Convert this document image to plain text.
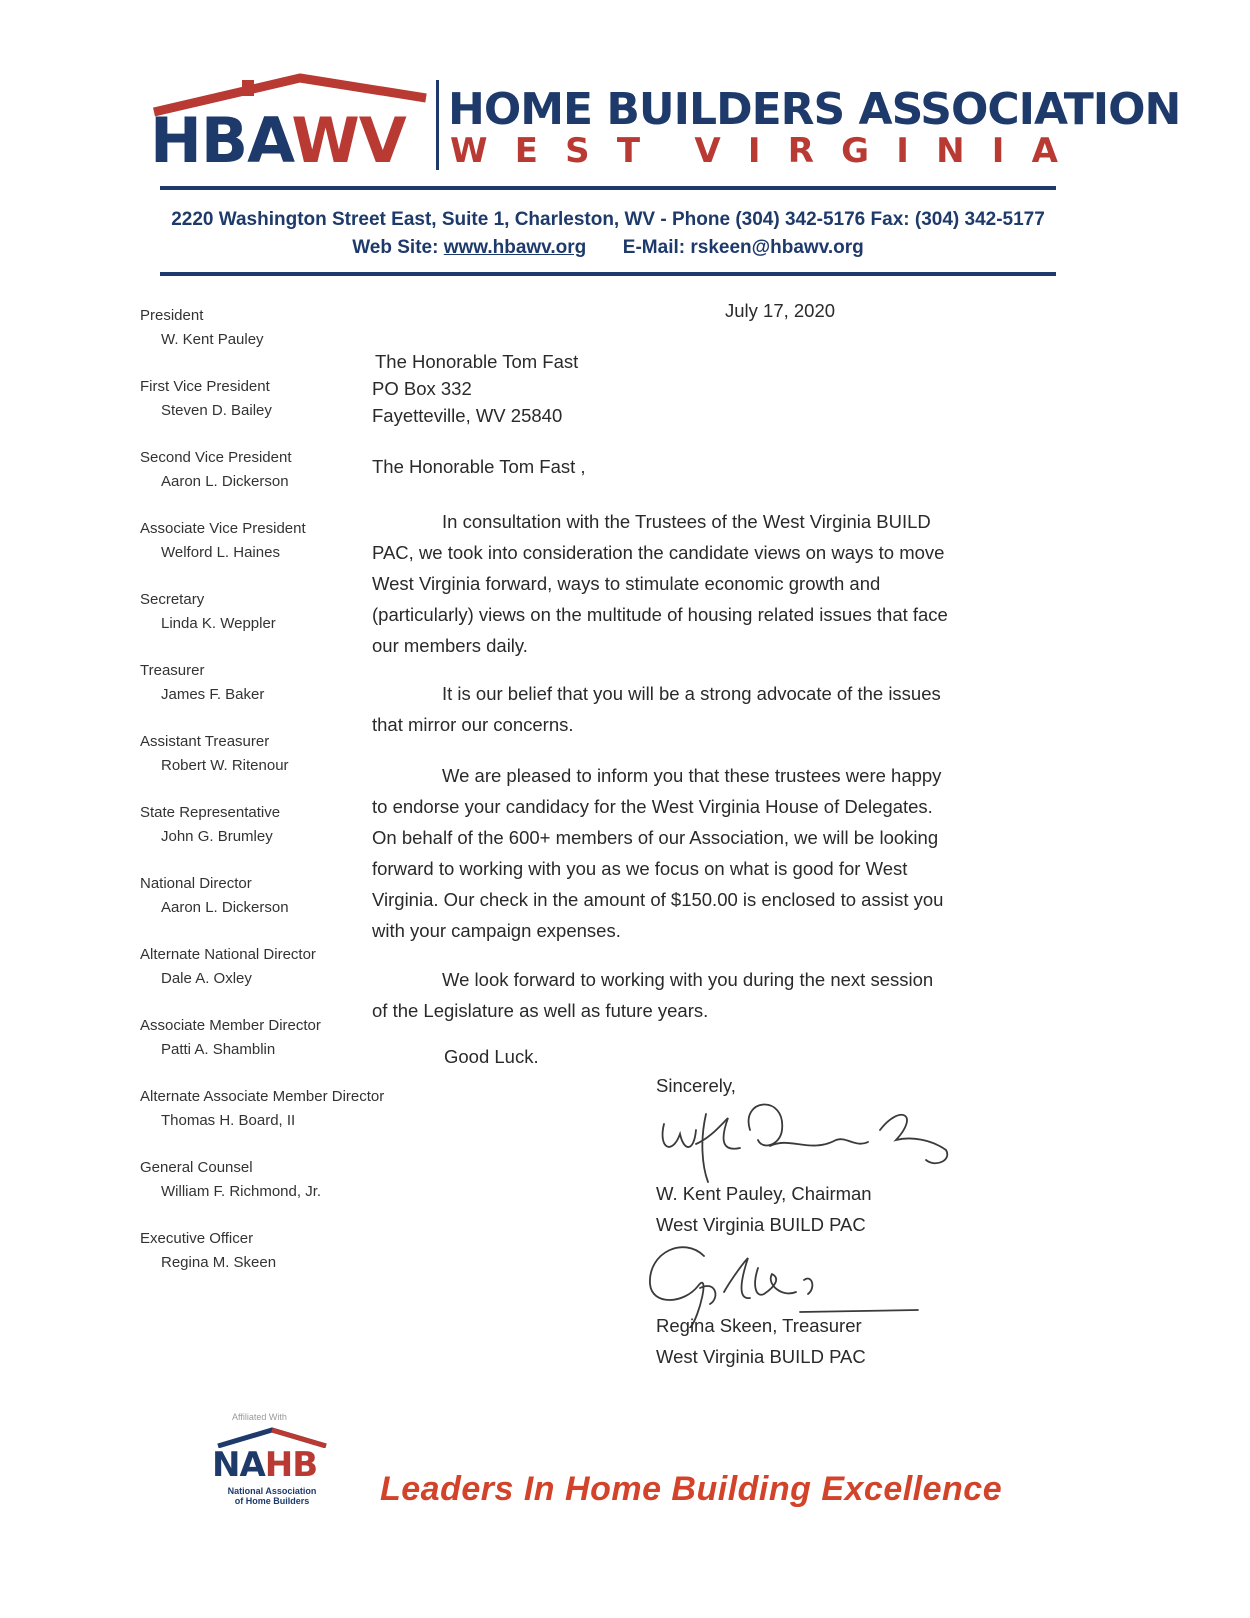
HBAWV HOME BUILDERS ASSOCIATION
W E S T V I R G I N I A
2220 Washington Street East, Suite 1, Charleston, WV - Phone (304) 342-5176 Fax: (304) 342-5177
Web Site: www.hbawv.org E-Mail: rskeen@hbawv.org
President
W. Kent Pauley
First Vice President
Steven D. Bailey
Second Vice President
Aaron L. Dickerson
Associate Vice President
Welford L. Haines
Secretary
Linda K. Weppler
Treasurer
James F. Baker
Assistant Treasurer
Robert W. Ritenour
State Representative
John G. Brumley
National Director
Aaron L. Dickerson
Alternate National Director
Dale A. Oxley
Associate Member Director
Patti A. Shamblin
Alternate Associate Member Director
Thomas H. Board, II
General Counsel
William F. Richmond, Jr.
Executive Officer
Regina M. Skeen
July 17, 2020
The Honorable Tom Fast
PO Box 332
Fayetteville, WV 25840
The Honorable Tom Fast ,
In consultation with the Trustees of the West Virginia BUILD PAC, we took into consideration the candidate views on ways to move West Virginia forward, ways to stimulate economic growth and (particularly) views on the multitude of housing related issues that face our members daily.
It is our belief that you will be a strong advocate of the issues that mirror our concerns.
We are pleased to inform you that these trustees were happy to endorse your candidacy for the West Virginia House of Delegates. On behalf of the 600+ members of our Association, we will be looking forward to working with you as we focus on what is good for West Virginia. Our check in the amount of $150.00 is enclosed to assist you with your campaign expenses.
We look forward to working with you during the next session of the Legislature as well as future years.
Good Luck.
Sincerely,
W. Kent Pauley, Chairman
West Virginia BUILD PAC
Regina Skeen, Treasurer
West Virginia BUILD PAC
Affiliated With
NAHB
National Association
of Home Builders	Leaders In Home Building Excellence
